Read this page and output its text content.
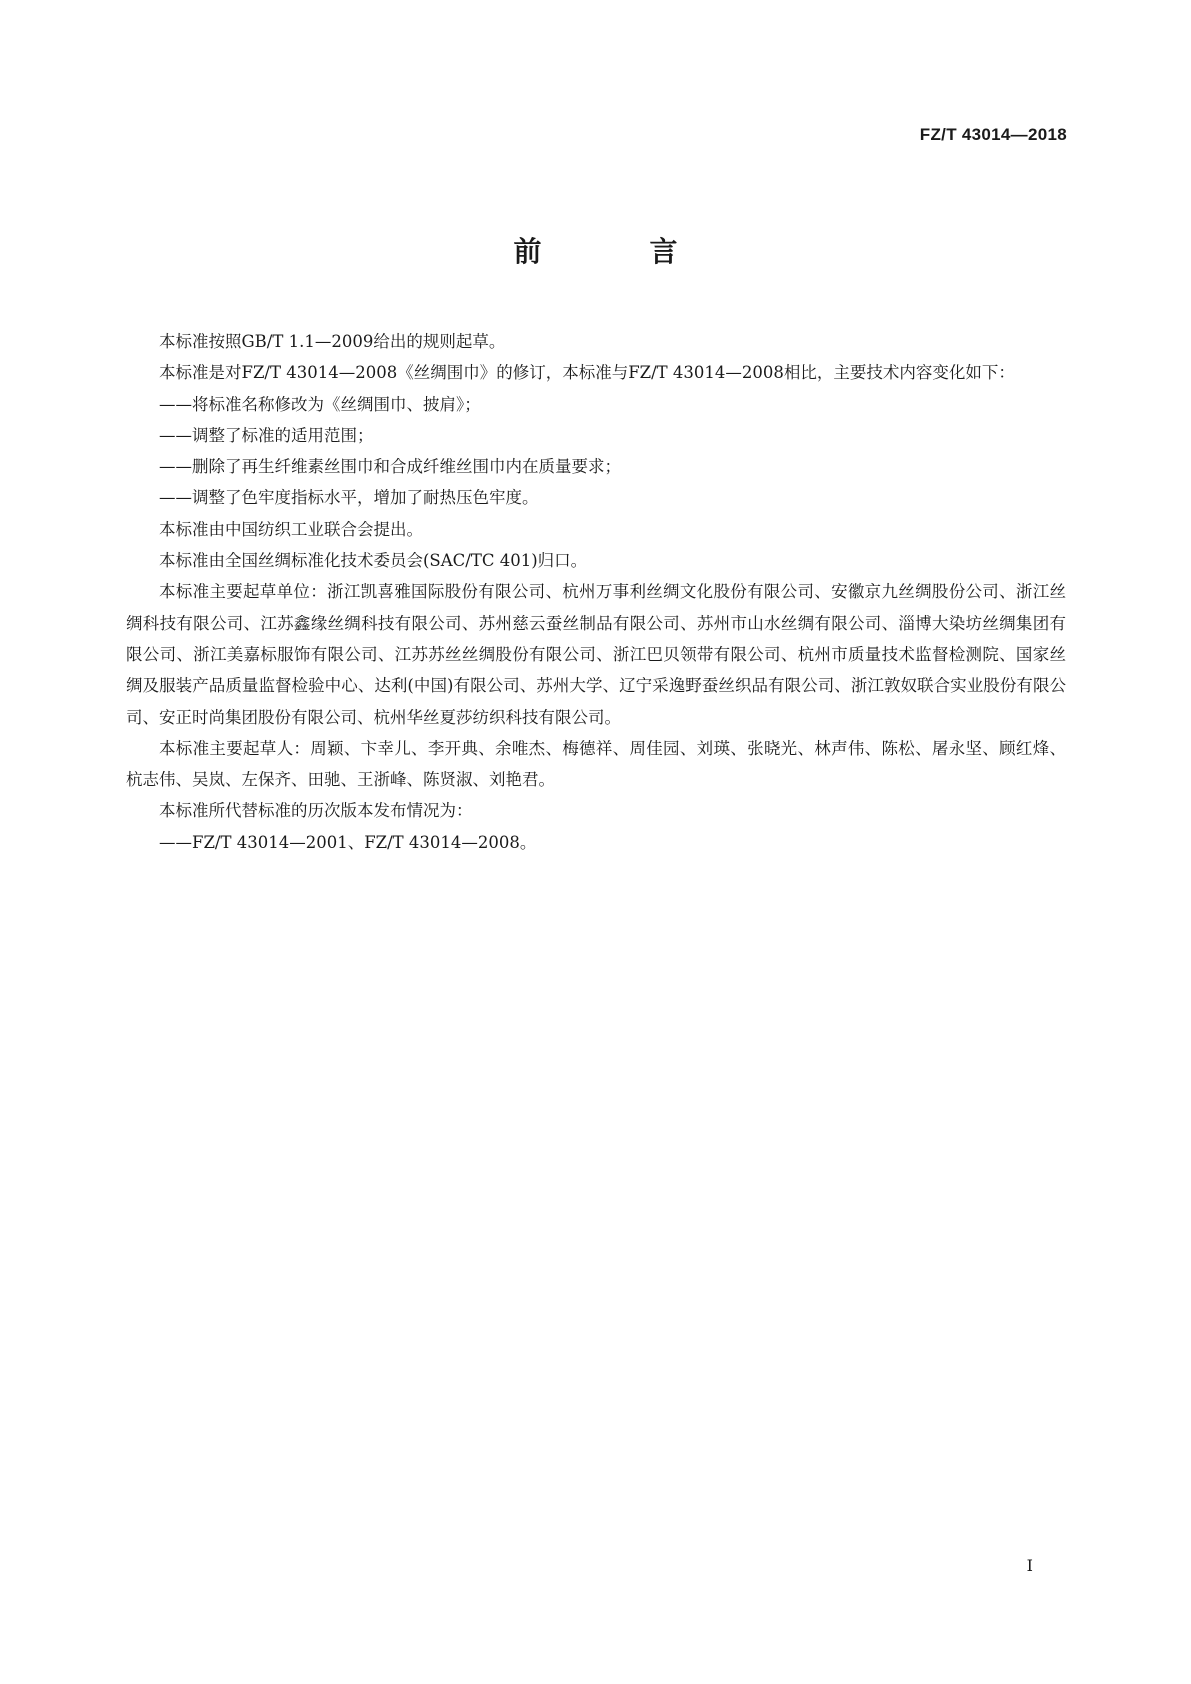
FZ/T 43014—2018
前　言

本标准按照GB/T 1.1—2009给出的规则起草。

本标准是对FZ/T 43014—2008《丝绸围巾》的修订，本标准与FZ/T 43014—2008相比，主要技术内容变化如下：

——将标准名称修改为《丝绸围巾、披肩》；

——调整了标准的适用范围；

——删除了再生纤维素丝围巾和合成纤维丝围巾内在质量要求；

——调整了色牢度指标水平，增加了耐热压色牢度。

本标准由中国纺织工业联合会提出。

本标准由全国丝绸标准化技术委员会(SAC/TC 401)归口。

本标准主要起草单位：浙江凯喜雅国际股份有限公司、杭州万事利丝绸文化股份有限公司、安徽京九丝绸股份公司、浙江丝绸科技有限公司、江苏鑫缘丝绸科技有限公司、苏州慈云蚕丝制品有限公司、苏州市山水丝绸有限公司、淄博大染坊丝绸集团有限公司、浙江美嘉标服饰有限公司、江苏苏丝丝绸股份有限公司、浙江巴贝领带有限公司、杭州市质量技术监督检测院、国家丝绸及服装产品质量监督检验中心、达利(中国)有限公司、苏州大学、辽宁采逸野蚕丝织品有限公司、浙江敦奴联合实业股份有限公司、安正时尚集团股份有限公司、杭州华丝夏莎纺织科技有限公司。

本标准主要起草人：周颖、卞幸儿、李开典、余唯杰、梅德祥、周佳园、刘瑛、张晓光、林声伟、陈松、屠永坚、顾红烽、杭志伟、吴岚、左保齐、田驰、王浙峰、陈贤淑、刘艳君。

本标准所代替标准的历次版本发布情况为：

——FZ/T 43014—2001、FZ/T 43014—2008。

I
